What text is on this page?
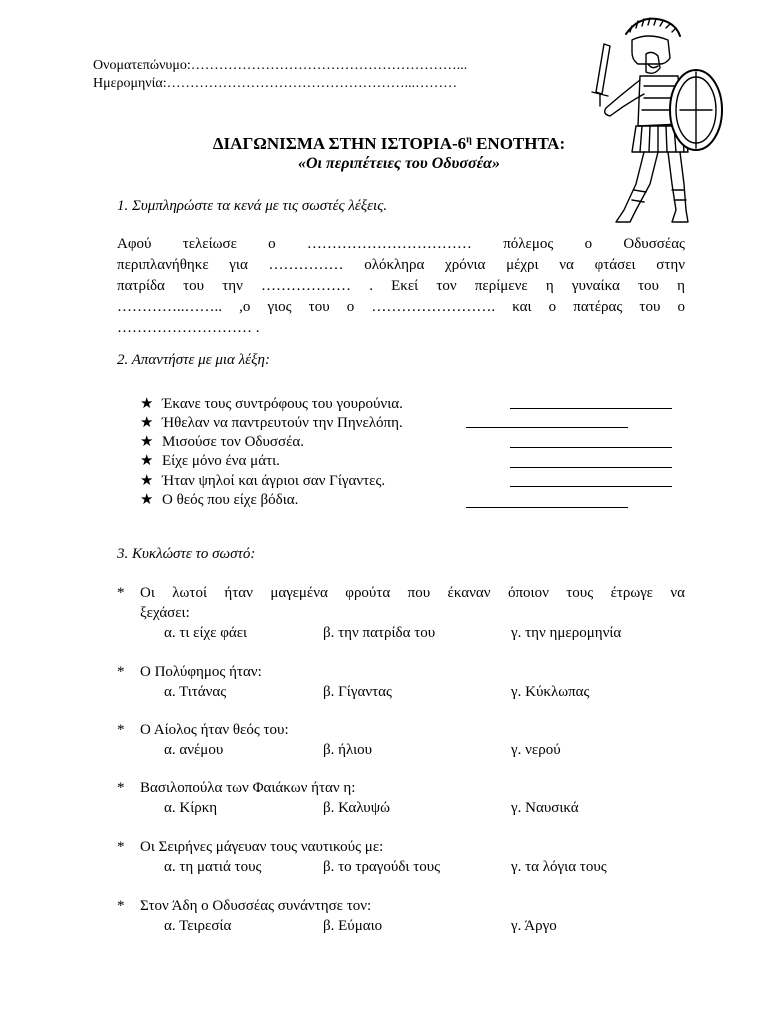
Ονοματεπώνυμο:…………………………………………………...
Ημερομηνία:……………………………………………...………
ΔΙΑΓΩΝΙΣΜΑ ΣΤΗΝ ΙΣΤΟΡΙΑ-$6^\eta$ ΕΝΟΤΗΤΑ:
«Οι περιπέτειες του Οδυσσέα»
1. Συμπληρώστε τα κενά με τις σωστές λέξεις.
Αφού τελείωσε ο …………………………… πόλεμος ο Οδυσσέας
περιπλανήθηκε για …………… ολόκληρα χρόνια μέχρι να φτάσει στην
πατρίδα του την ……………… . Εκεί τον περίμενε η γυναίκα του η
…………..…….. ,ο γιος του ο ……………………. και ο πατέρας του ο
……………………… .
2. Απαντήστε με μια λέξη:
★ Έκανε τους συντρόφους του γουρούνια.
★ Ήθελαν να παντρευτούν την Πηνελόπη.
★ Μισούσε τον Οδυσσέα.
★ Είχε μόνο ένα μάτι.
★ Ήταν ψηλοί και άγριοι σαν Γίγαντες.
★ Ο θεός που είχε βόδια.
3. Κυκλώστε το σωστό:
* Οι λωτοί ήταν μαγεμένα φρούτα που έκαναν όποιον τους έτρωγε να
ξεχάσει:
α. τι είχε φάει	β. την πατρίδα του	γ. την ημερομηνία
* Ο Πολύφημος ήταν:
α. Τιτάνας	β. Γίγαντας	γ. Κύκλωπας
* Ο Αίολος ήταν θεός του:
α. ανέμου	β. ήλιου	γ. νερού
* Βασιλοπούλα των Φαιάκων ήταν η:
α. Κίρκη	β. Καλυψώ	γ. Ναυσικά
* Οι Σειρήνες μάγευαν τους ναυτικούς με:
α. τη ματιά τους	β. το τραγούδι τους	γ. τα λόγια τους
* Στον Άδη ο Οδυσσέας συνάντησε τον:
α. Τειρεσία	β. Εύμαιο	γ. Άργο
